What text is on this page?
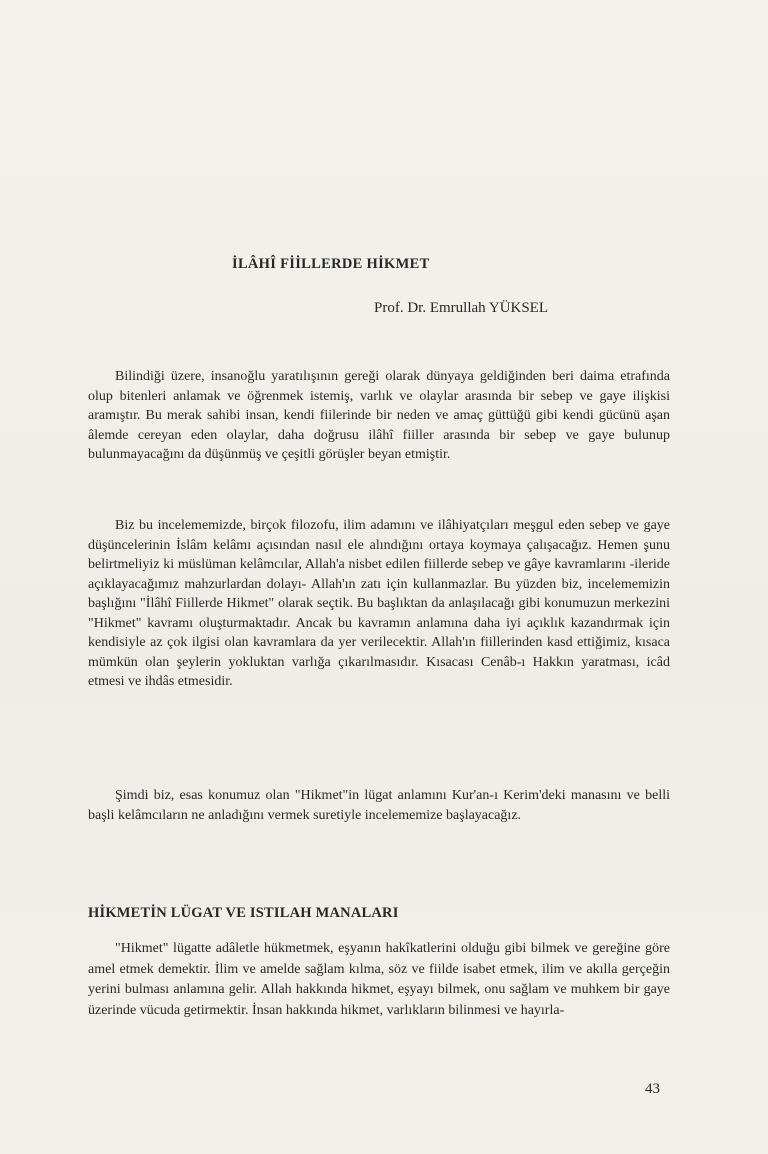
İLÂHÎ FİİLLERDE HİKMET

Prof. Dr. Emrullah YÜKSEL

Bilindiği üzere, insanoğlu yaratılışının gereği olarak dünyaya geldiğinden beri daima etrafında olup bitenleri anlamak ve öğrenmek istemiş, varlık ve olaylar arasında bir sebep ve gaye ilişkisi aramıştır. Bu merak sahibi insan, kendi fiilerinde bir neden ve amaç güttüğü gibi kendi gücünü aşan âlemde cereyan eden olaylar, daha doğrusu ilâhî fiiller arasında bir sebep ve gaye bulunup bulunmayacağını da düşünmüş ve çeşitli görüşler beyan etmiştir.

Biz bu incelememizde, birçok filozofu, ilim adamını ve ilâhiyatçıları meşgul eden sebep ve gaye düşüncelerinin İslâm kelâmı açısından nasıl ele alındığını ortaya koymaya çalışacağız. Hemen şunu belirtmeliyiz ki müslüman kelâmcılar, Allah'a nisbet edilen fiillerde sebep ve gâye kavramlarını -ileride açıklayacağımız mahzurlardan dolayı- Allah'ın zatı için kullanmazlar. Bu yüzden biz, incelememizin başlığını "İlâhî Fiillerde Hikmet" olarak seçtik. Bu başlıktan da anlaşılacağı gibi konumuzun merkezini "Hikmet" kavramı oluşturmaktadır. Ancak bu kavramın anlamına daha iyi açıklık kazandırmak için kendisiyle az çok ilgisi olan kavramlara da yer verilecektir. Allah'ın fiillerinden kasd ettiğimiz, kısaca mümkün olan şeylerin yokluktan varlığa çıkarılmasıdır. Kısacası Cenâb-ı Hakkın yaratması, icâd etmesi ve ihdâs etmesidir.

Şimdi biz, esas konumuz olan "Hikmet"in lügat anlamını Kur'an-ı Kerim'deki manasını ve belli başli kelâmcıların ne anladığını vermek suretiyle incelememize başlayacağız.

HİKMETİN LÜGAT VE ISTILAH MANALARI

"Hikmet" lügatte adâletle hükmetmek, eşyanın hakîkatlerini olduğu gibi bilmek ve gereğine göre amel etmek demektir. İlim ve amelde sağlam kılma, söz ve fiilde isabet etmek, ilim ve akılla gerçeğin yerini bulması anlamına gelir. Allah hakkında hikmet, eşyayı bilmek, onu sağlam ve muhkem bir gaye üzerinde vücuda getirmektir. İnsan hakkında hikmet, varlıkların bilinmesi ve hayırla-

43
